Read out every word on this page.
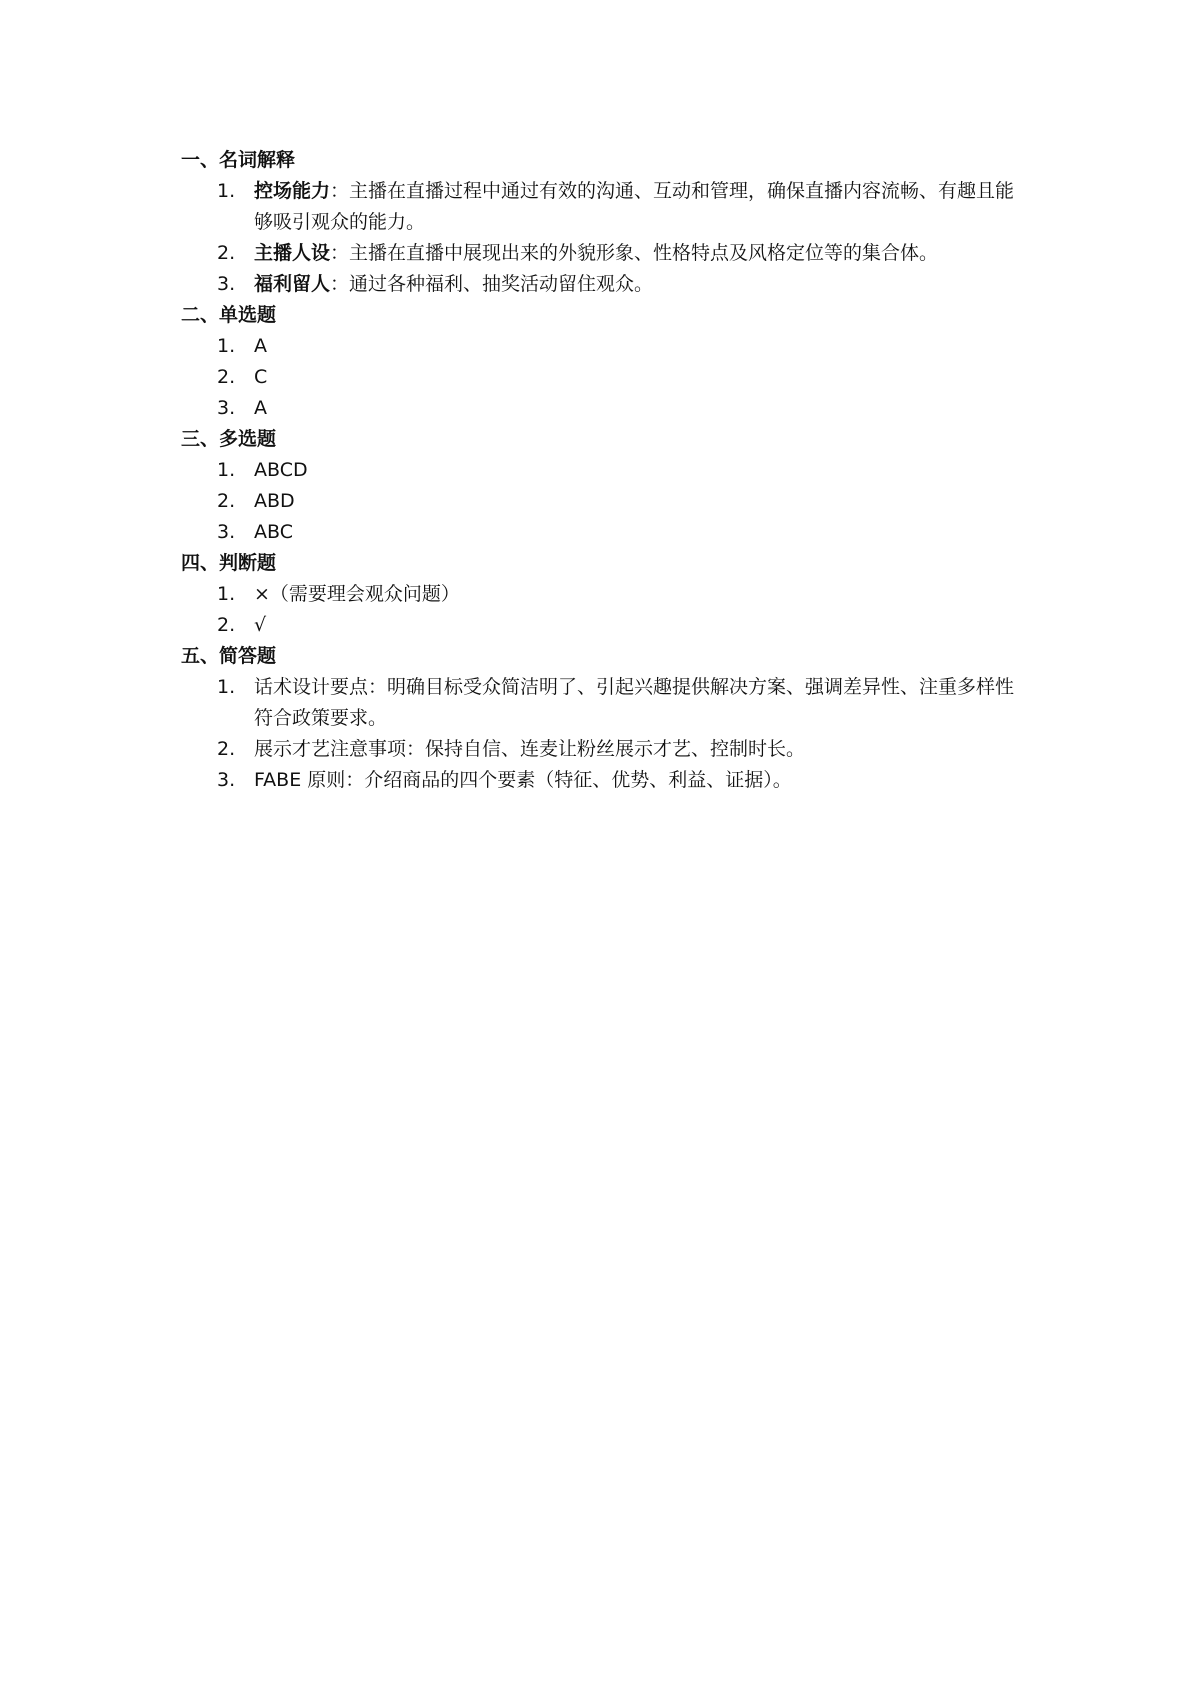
一、名词解释
1. 控场能力：主播在直播过程中通过有效的沟通、互动和管理，确保直播内容流畅、有趣且能够吸引观众的能力。
2. 主播人设：主播在直播中展现出来的外貌形象、性格特点及风格定位等的集合体。
3. 福利留人：通过各种福利、抽奖活动留住观众。
二、单选题
1. A
2. C
3. A
三、多选题
1. ABCD
2. ABD
3. ABC
四、判断题
1. ×（需要理会观众问题）
2. √
五、简答题
1. 话术设计要点：明确目标受众简洁明了、引起兴趣提供解决方案、强调差异性、注重多样性符合政策要求。
2. 展示才艺注意事项：保持自信、连麦让粉丝展示才艺、控制时长。
3. FABE 原则：介绍商品的四个要素（特征、优势、利益、证据）。
